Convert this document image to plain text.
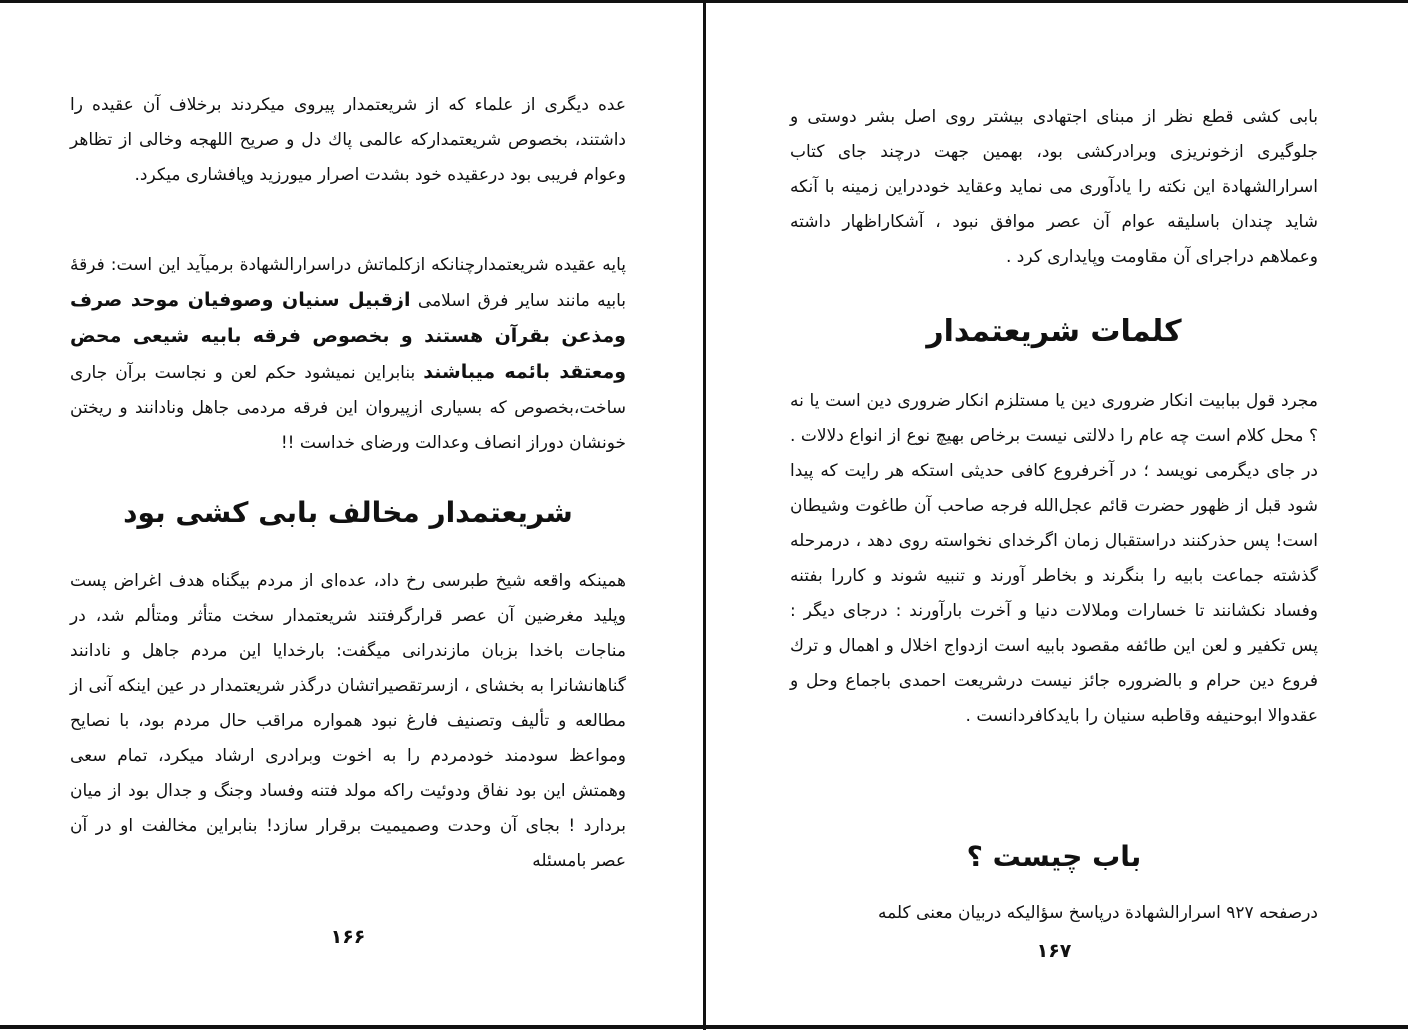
عده دیگری از علماء که از شریعتمدار پیروی میکردند برخلاف آن عقیده را داشتند، بخصوص شریعتمدارکه عالمی پاك دل و صریح اللهجه وخالی از تظاهر وعوام فریبی بود درعقیده خود بشدت اصرار میورزید وپافشاری میکرد.

پایه عقیده شریعتمدارچنانکه ازکلماتش دراسرارالشهادة برمیآید این است: فرقهٔ بابیه مانند سایر فرق اسلامی ازقبیل سنیان وصوفیان موحد صرف ومذعن بقرآن هستند و بخصوص فرقه بابیه شیعی محض ومعتقد بائمه میباشند بنابراین نمیشود حکم لعن و نجاست برآن جاری ساخت،بخصوص که بسیاری ازپیروان این فرقه مردمی جاهل ونادانند و ریختن خونشان دوراز انصاف وعدالت ورضای خداست !!

شریعتمدار مخالف بابی کشی بود

همینکه واقعه شیخ طبرسی رخ داد، عده‌ای از مردم بیگناه هدف اغراض پست وپلید مغرضین آن عصر قرارگرفتند شریعتمدار سخت متأثر ومتألم شد، در مناجات باخدا بزبان مازندرانی میگفت: بارخدایا این مردم جاهل و نادانند گناهانشانرا به بخشای ، ازسرتقصیراتشان درگذر شریعتمدار در عین اینکه آنی از مطالعه و تألیف وتصنیف فارغ نبود همواره مراقب حال مردم بود، با نصایح ومواعظ سودمند خودمردم را به اخوت وبرادری ارشاد میکرد، تمام سعی وهمتش این بود نفاق ودوئیت راکه مولد فتنه وفساد وجنگ و جدال بود از میان بردارد ! بجای آن وحدت وصمیمیت برقرار سازد! بنابراین مخالفت او در آن عصر بامسئله

۱۶۶

بابی کشی قطع نظر از مبنای اجتهادی بیشتر روی اصل بشر دوستی و جلوگیری ازخونریزی وبرادرکشی بود، بهمین جهت درچند جای کتاب اسرارالشهادة این نکته را یادآوری می نماید وعقاید خوددراین زمینه با آنکه شاید چندان باسلیقه عوام آن عصر موافق نبود ، آشکاراظهار داشته وعملاهم دراجرای آن مقاومت وپایداری کرد .

کلمات شریعتمدار

مجرد قول ببابیت انکار ضروری دین یا مستلزم انکار ضروری دین است یا نه ؟ محل کلام است چه عام را دلالتی نیست برخاص بهیچ نوع از انواع دلالات . در جای دیگرمی نویسد ؛ در آخرفروع کافی حدیثی استکه هر رایت که پیدا شود قبل از ظهور حضرت قائم عجل‌الله فرجه صاحب آن طاغوت وشیطان است! پس حذرکنند دراستقبال زمان اگرخدای نخواسته روی دهد ، درمرحله گذشته جماعت بابیه را بنگرند و بخاطر آورند و تنبیه شوند و کاررا بفتنه وفساد نکشانند تا خسارات وملالات دنیا و آخرت بارآورند : درجای دیگر : پس تکفیر و لعن این طائفه مقصود بابیه است ازدواج اخلال و اهمال و ترك فروع دین حرام و بالضروره جائز نیست درشریعت احمدی باجماع وحل و عقدوالا ابوحنیفه وقاطبه سنیان را بایدکافردانست .

باب چیست ؟

درصفحه ۹۲۷ اسرارالشهادة درپاسخ سؤالیکه دربیان معنی کلمه

۱۶۷
